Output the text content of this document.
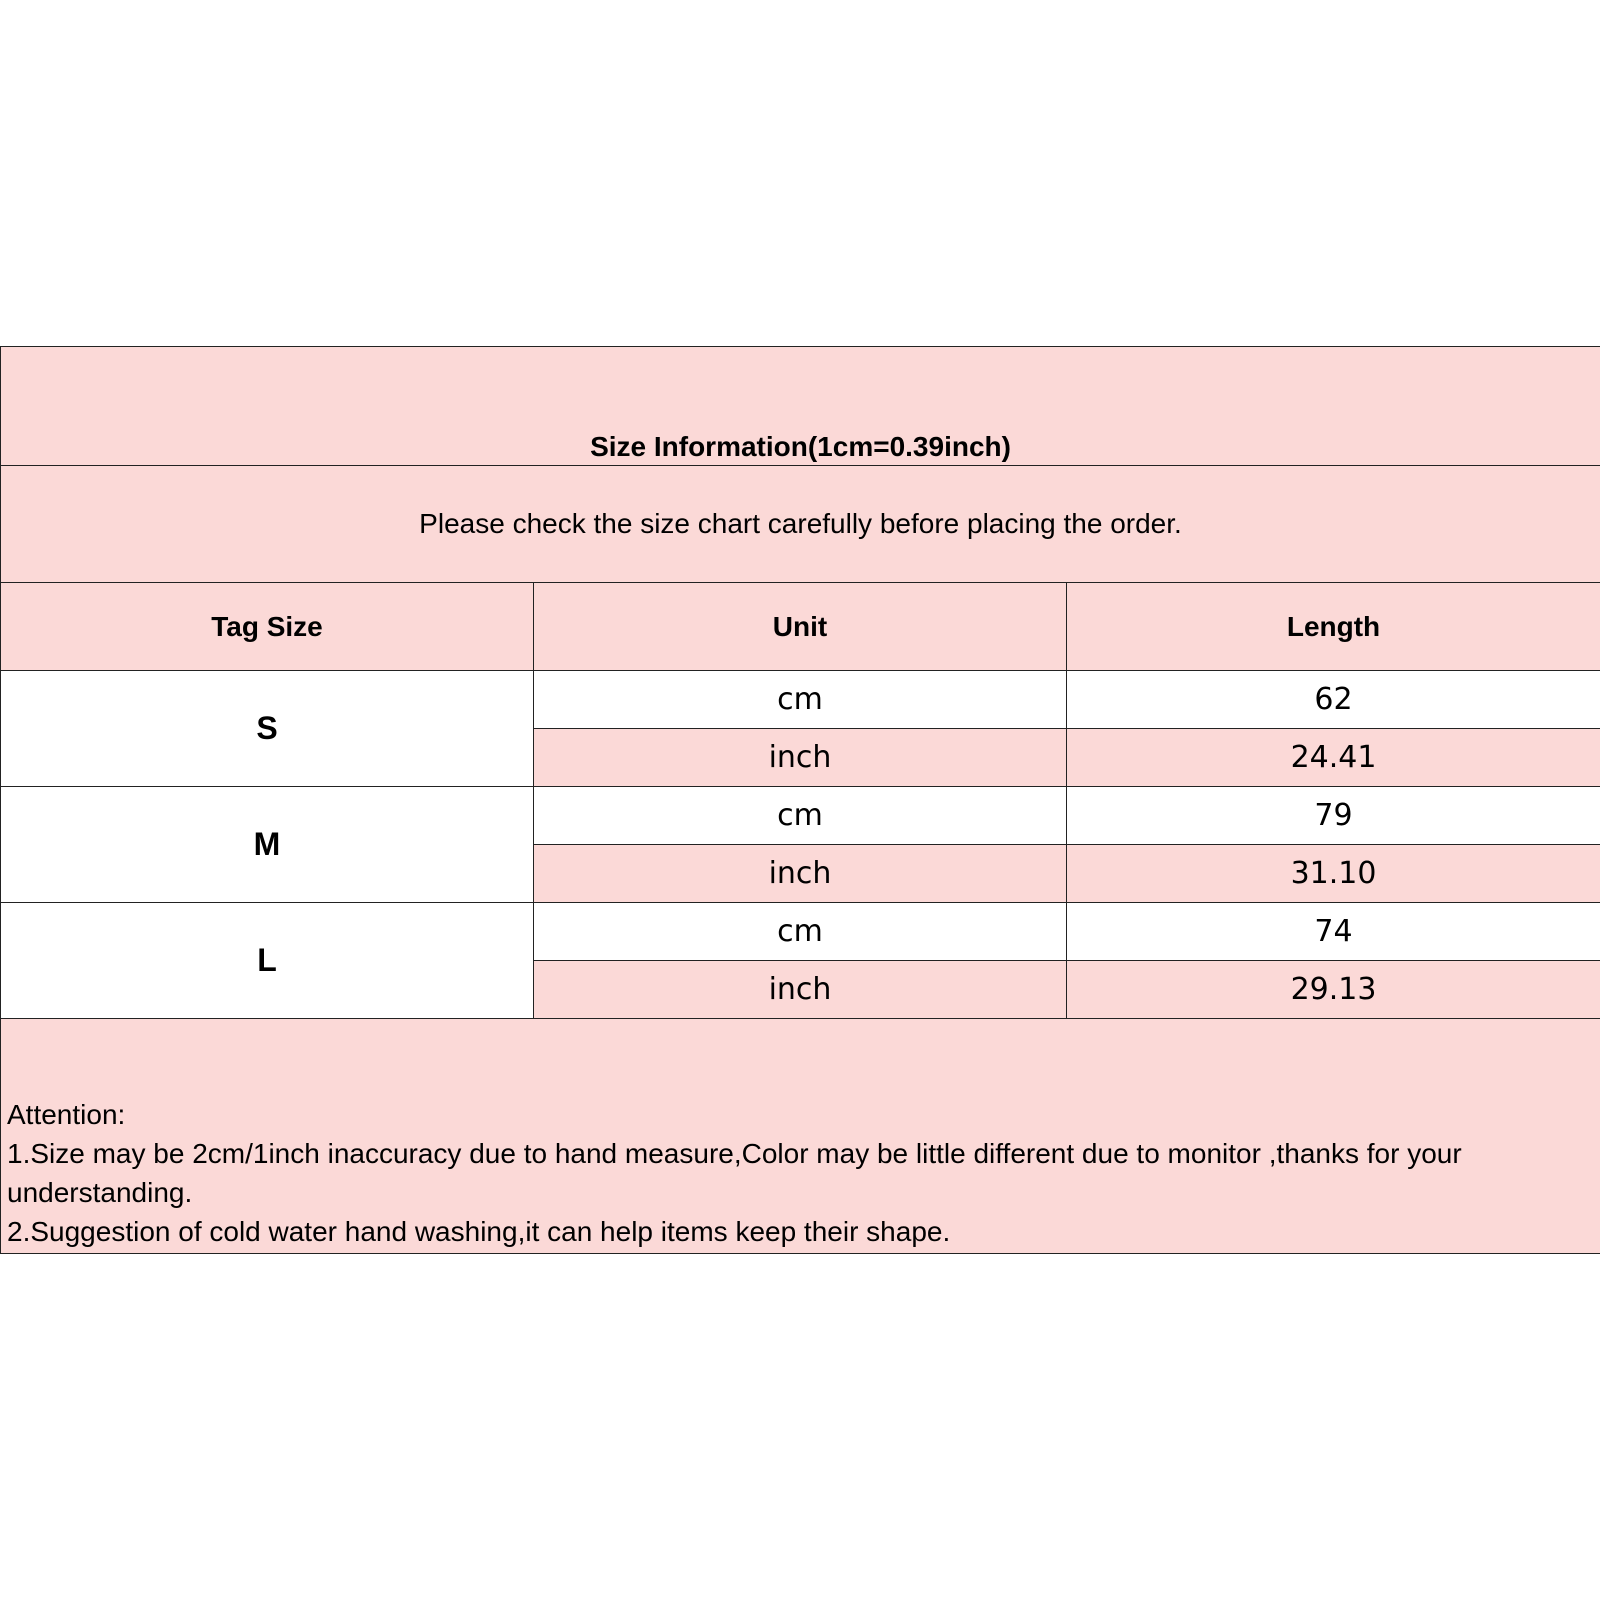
Size Information(1cm=0.39inch)		
Please check the size chart carefully before placing the order.		
Tag Size	Unit	Length
S	cm	62
	inch	24.41
M	cm	79
	inch	31.10
L	cm	74
	inch	29.13

Attention:
1.Size may be 2cm/1inch inaccuracy due to hand measure,Color may be little different due to monitor ,thanks for your understanding.
2.Suggestion of cold water hand washing,it can help items keep their shape.		
